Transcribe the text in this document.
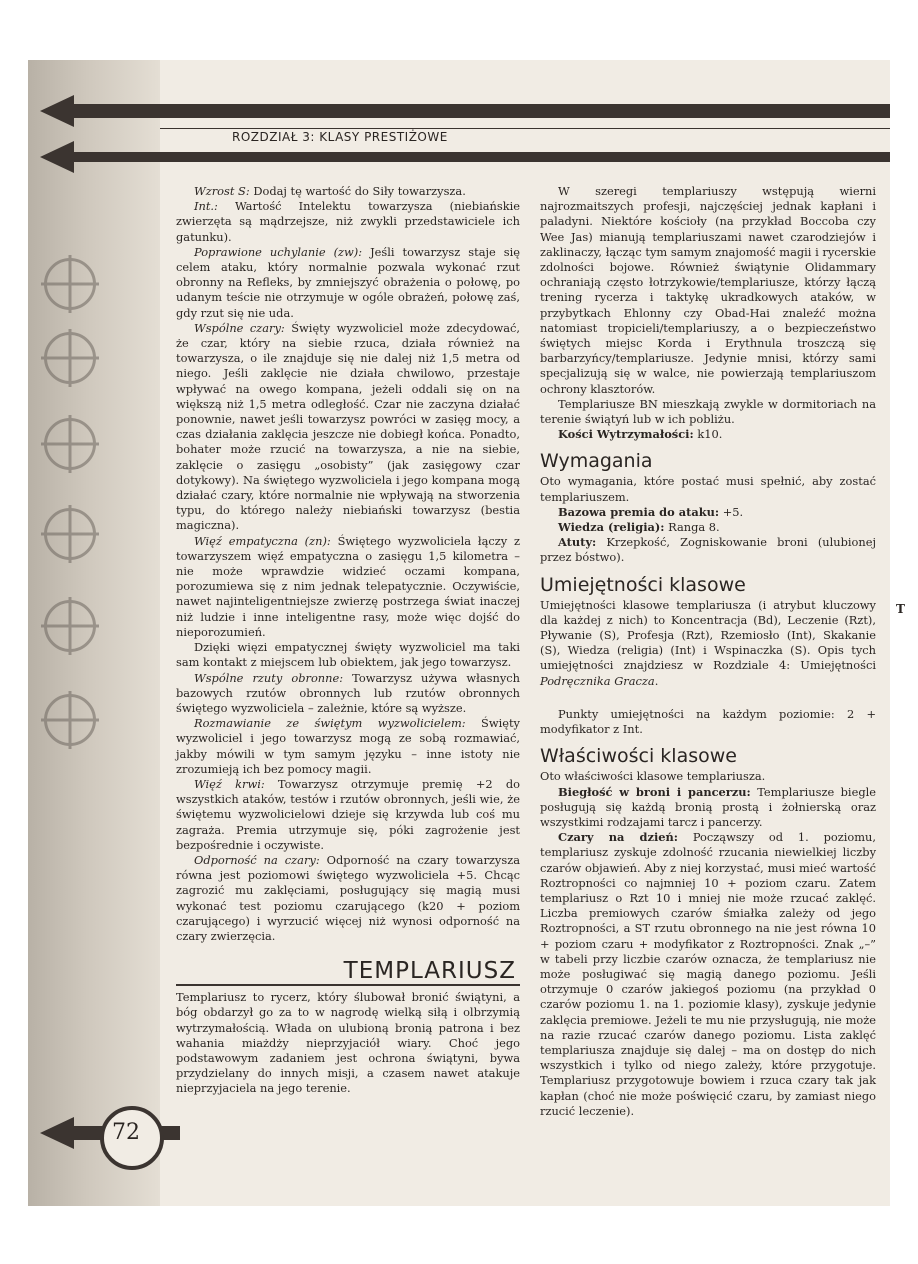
ROZDZIAŁ 3: KLASY PRESTIŻOWE
72

Wzrost S: Dodaj tę wartość do Siły towarzysza.

Int.: Wartość Intelektu towarzysza (niebiańskie zwierzęta są mądrzejsze, niż zwykli przedstawiciele ich gatunku).

Poprawione uchylanie (zw): Jeśli towarzysz staje się celem ataku, który normalnie pozwala wykonać rzut obronny na Refleks, by zmniejszyć obrażenia o połowę, po udanym teście nie otrzymuje w ogóle obrażeń, połowę zaś, gdy rzut się nie uda.

Wspólne czary: Święty wyzwoliciel może zdecydować, że czar, który na siebie rzuca, działa również na towarzysza, o ile znajduje się nie dalej niż 1,5 metra od niego. Jeśli zaklęcie nie działa chwilowo, przestaje wpływać na owego kompana, jeżeli oddali się on na większą niż 1,5 metra odległość. Czar nie zaczyna działać ponownie, nawet jeśli towarzysz powróci w zasięg mocy, a czas działania zaklęcia jeszcze nie dobiegł końca. Ponadto, bohater może rzucić na towarzysza, a nie na siebie, zaklęcie o zasięgu „osobisty” (jak zasięgowy czar dotykowy). Na świętego wyzwoliciela i jego kompana mogą działać czary, które normalnie nie wpływają na stworzenia typu, do którego należy niebiański towarzysz (bestia magiczna).

Więź empatyczna (zn): Świętego wyzwoliciela łączy z towarzyszem więź empatyczna o zasięgu 1,5 kilometra – nie może wprawdzie widzieć oczami kompana, porozumiewa się z nim jednak telepatycznie. Oczywiście, nawet najinteligentniejsze zwierzę postrzega świat inaczej niż ludzie i inne inteligentne rasy, może więc dojść do nieporozumień.

Dzięki więzi empatycznej święty wyzwoliciel ma taki sam kontakt z miejscem lub obiektem, jak jego towarzysz.

Wspólne rzuty obronne: Towarzysz używa własnych bazowych rzutów obronnych lub rzutów obronnych świętego wyzwoliciela – zależnie, które są wyższe.

Rozmawianie ze świętym wyzwolicielem: Święty wyzwoliciel i jego towarzysz mogą ze sobą rozmawiać, jakby mówili w tym samym języku – inne istoty nie zrozumieją ich bez pomocy magii.

Więź krwi: Towarzysz otrzymuje premię +2 do wszystkich ataków, testów i rzutów obronnych, jeśli wie, że świętemu wyzwolicielowi dzieje się krzywda lub coś mu zagraża. Premia utrzymuje się, póki zagrożenie jest bezpośrednie i oczywiste.

Odporność na czary: Odporność na czary towarzysza równa jest poziomowi świętego wyzwoliciela +5. Chcąc zagrozić mu zaklęciami, posługujący się magią musi wykonać test poziomu czarującego (k20 + poziom czarującego) i wyrzucić więcej niż wynosi odporność na czary zwierzęcia.

TEMPLARIUSZ

Templariusz to rycerz, który ślubował bronić świątyni, a bóg obdarzył go za to w nagrodę wielką siłą i olbrzymią wytrzymałością. Włada on ulubioną bronią patrona i bez wahania miażdży nieprzyjaciół wiary. Choć jego podstawowym zadaniem jest ochrona świątyni, bywa przydzielany do innych misji, a czasem nawet atakuje nieprzyjaciela na jego terenie.

W szeregi templariuszy wstępują wierni najrozmaitszych profesji, najczęściej jednak kapłani i paladyni. Niektóre kościoły (na przykład Boccoba czy Wee Jas) mianują templariuszami nawet czarodziejów i zaklinaczy, łącząc tym samym znajomość magii i rycerskie zdolności bojowe. Również świątynie Olidammary ochraniają często łotrzykowie/templariusze, którzy łączą trening rycerza i taktykę ukradkowych ataków, w przybytkach Ehlonny czy Obad-Hai znaleźć można natomiast tropicieli/templariuszy, a o bezpieczeństwo świętych miejsc Korda i Erythnula troszczą się barbarzyńcy/templariusze. Jedynie mnisi, którzy sami specjalizują się w walce, nie powierzają templariuszom ochrony klasztorów.

Templariusze BN mieszkają zwykle w dormitoriach na terenie świątyń lub w ich pobliżu.

Kości Wytrzymałości: k10.

Wymagania

Oto wymagania, które postać musi spełnić, aby zostać templariuszem.

Bazowa premia do ataku: +5.

Wiedza (religia): Ranga 8.

Atuty: Krzepkość, Zogniskowanie broni (ulubionej przez bóstwo).

Umiejętności klasowe

Umiejętności klasowe templariusza (i atrybut kluczowy dla każdej z nich) to Koncentracja (Bd), Leczenie (Rzt), Pływanie (S), Profesja (Rzt), Rzemiosło (Int), Skakanie (S), Wiedza (religia) (Int) i Wspinaczka (S). Opis tych umiejętności znajdziesz w Rozdziale 4: Umiejętności Podręcznika Gracza.

Punkty umiejętności na każdym poziomie: 2 + modyfikator z Int.

Właściwości klasowe

Oto właściwości klasowe templariusza.

Biegłość w broni i pancerzu: Templariusze biegle posługują się każdą bronią prostą i żołnierską oraz wszystkimi rodzajami tarcz i pancerzy.

Czary na dzień: Począwszy od 1. poziomu, templariusz zyskuje zdolność rzucania niewielkiej liczby czarów objawień. Aby z niej korzystać, musi mieć wartość Roztropności co najmniej 10 + poziom czaru. Zatem templariusz o Rzt 10 i mniej nie może rzucać zaklęć. Liczba premiowych czarów śmiałka zależy od jego Roztropności, a ST rzutu obronnego na nie jest równa 10 + poziom czaru + modyfikator z Roztropności. Znak „–” w tabeli przy liczbie czarów oznacza, że templariusz nie może posługiwać się magią danego poziomu. Jeśli otrzymuje 0 czarów jakiegoś poziomu (na przykład 0 czarów poziomu 1. na 1. poziomie klasy), zyskuje jedynie zaklęcia premiowe. Jeżeli te mu nie przysługują, nie może na razie rzucać czarów danego poziomu. Lista zaklęć templariusza znajduje się dalej – ma on dostęp do nich wszystkich i tylko od niego zależy, które przygotuje. Templariusz przygotowuje bowiem i rzuca czary tak jak kapłan (choć nie może poświęcić czaru, by zamiast niego rzucić leczenie).

T
